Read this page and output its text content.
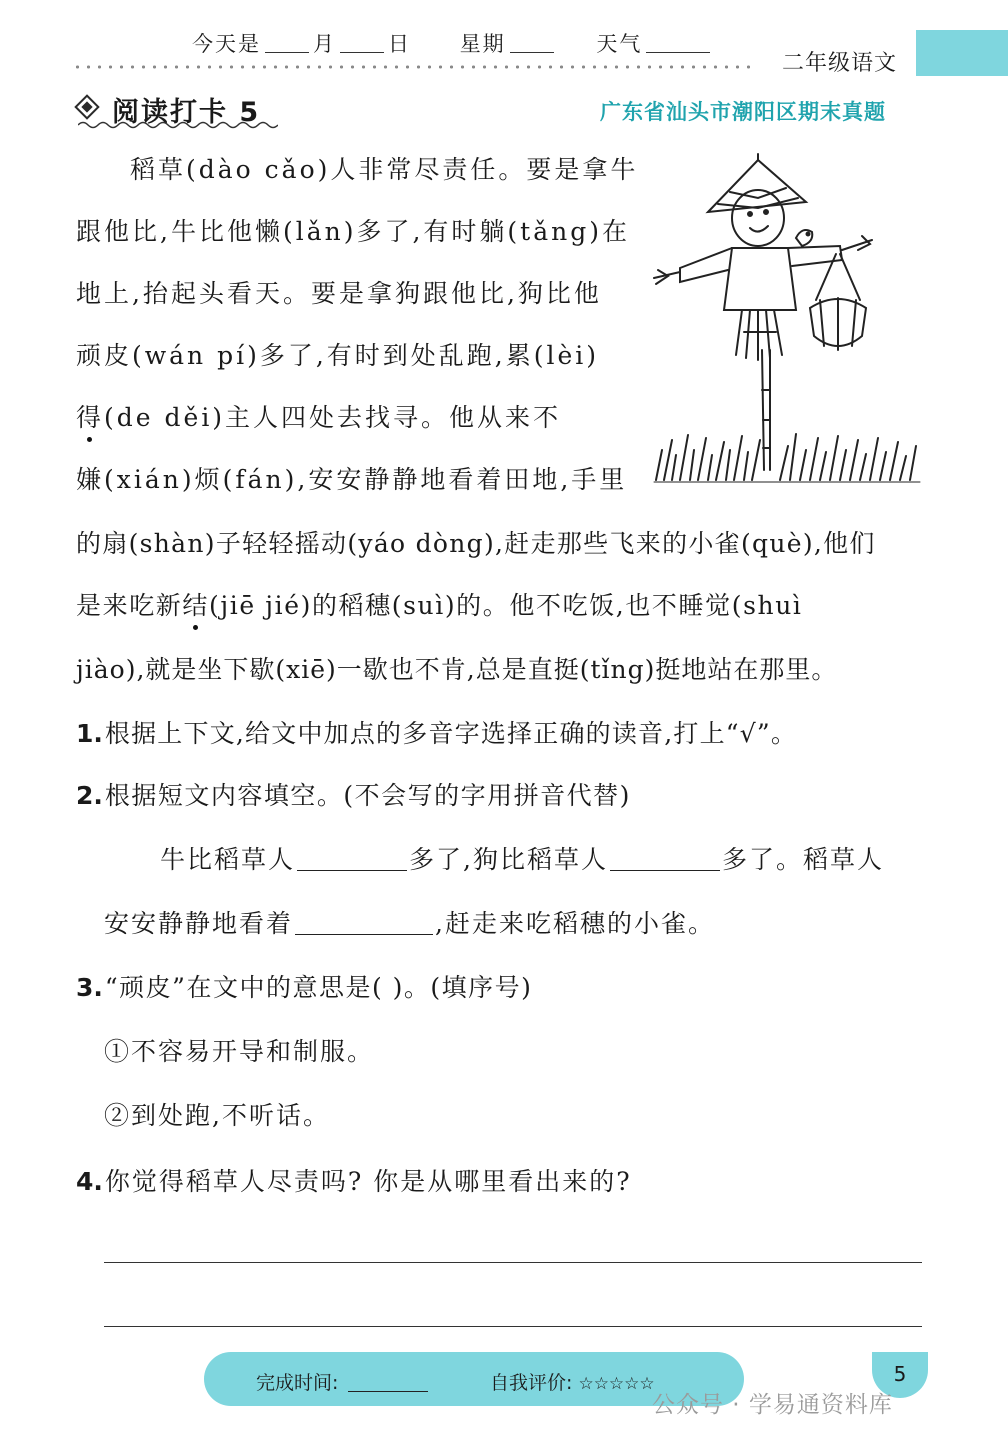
今天是 月 日 星期	天气
二年级语文
阅读打卡 5	广东省汕头市潮阳区期末真题
稻草(dào cǎo)人非常尽责任。要是拿牛
跟他比,牛比他懒(lǎn)多了,有时躺(tǎng)在
地上,抬起头看天。要是拿狗跟他比,狗比他
顽皮(wán pí)多了,有时到处乱跑,累(lèi)
得(de děi)主人四处去找寻。他从来不
嫌(xián)烦(fán),安安静静地看着田地,手里
的扇(shàn)子轻轻摇动(yáo dòng),赶走那些飞来的小雀(què),他们
是来吃新结(jiē jié)的稻穗(suì)的。他不吃饭,也不睡觉(shuì
jiào),就是坐下歇(xiē)一歇也不肯,总是直挺(tǐng)挺地站在那里。
1.根据上下文,给文中加点的多音字选择正确的读音,打上“√”。
2.根据短文内容填空。(不会写的字用拼音代替)
牛比稻草人	多了,狗比稻草人	多了。稻草人
安安静静地看着	,赶走来吃稻穗的小雀。
3.“顽皮”在文中的意思是( )。(填序号)
①不容易开导和制服。
②到处跑,不听话。
4.你觉得稻草人尽责吗? 你是从哪里看出来的?
完成时间:	自我评价: ☆☆☆☆☆	5
公众号 · 学易通资料库
